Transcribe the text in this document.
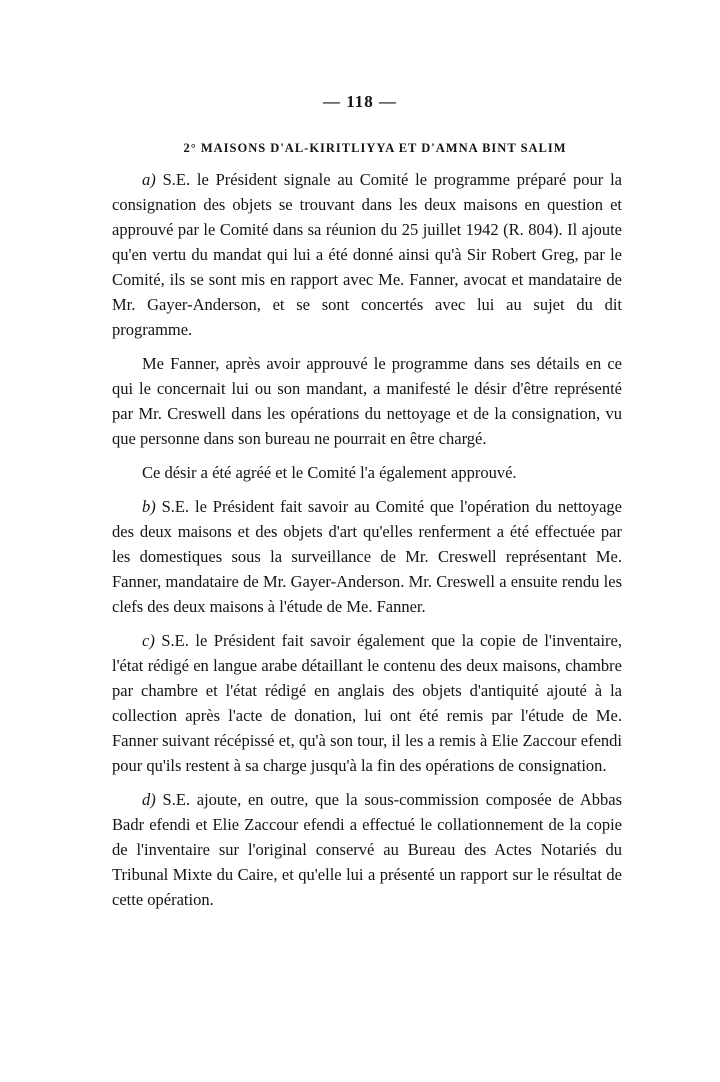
— 118 —
2° MAISONS D'AL-KIRITLIYYA ET D'AMNA BINT SALIM

a) S.E. le Président signale au Comité le programme préparé pour la consignation des objets se trouvant dans les deux maisons en question et approuvé par le Comité dans sa réunion du 25 juillet 1942 (R. 804). Il ajoute qu'en vertu du mandat qui lui a été donné ainsi qu'à Sir Robert Greg, par le Comité, ils se sont mis en rapport avec Me. Fanner, avocat et mandataire de Mr. Gayer-Anderson, et se sont concertés avec lui au sujet du dit programme.

Me Fanner, après avoir approuvé le programme dans ses détails en ce qui le concernait lui ou son mandant, a manifesté le désir d'être représenté par Mr. Creswell dans les opérations du nettoyage et de la consignation, vu que personne dans son bureau ne pourrait en être chargé.

Ce désir a été agréé et le Comité l'a également approuvé.

b) S.E. le Président fait savoir au Comité que l'opération du nettoyage des deux maisons et des objets d'art qu'elles renferment a été effectuée par les domestiques sous la surveillance de Mr. Creswell représentant Me. Fanner, mandataire de Mr. Gayer-Anderson. Mr. Creswell a ensuite rendu les clefs des deux maisons à l'étude de Me. Fanner.

c) S.E. le Président fait savoir également que la copie de l'inventaire, l'état rédigé en langue arabe détaillant le contenu des deux maisons, chambre par chambre et l'état rédigé en anglais des objets d'antiquité ajouté à la collection après l'acte de donation, lui ont été remis par l'étude de Me. Fanner suivant récépissé et, qu'à son tour, il les a remis à Elie Zaccour efendi pour qu'ils restent à sa charge jusqu'à la fin des opérations de consignation.

d) S.E. ajoute, en outre, que la sous-commission composée de Abbas Badr efendi et Elie Zaccour efendi a effectué le collationnement de la copie de l'inventaire sur l'original conservé au Bureau des Actes Notariés du Tribunal Mixte du Caire, et qu'elle lui a présenté un rapport sur le résultat de cette opération.
